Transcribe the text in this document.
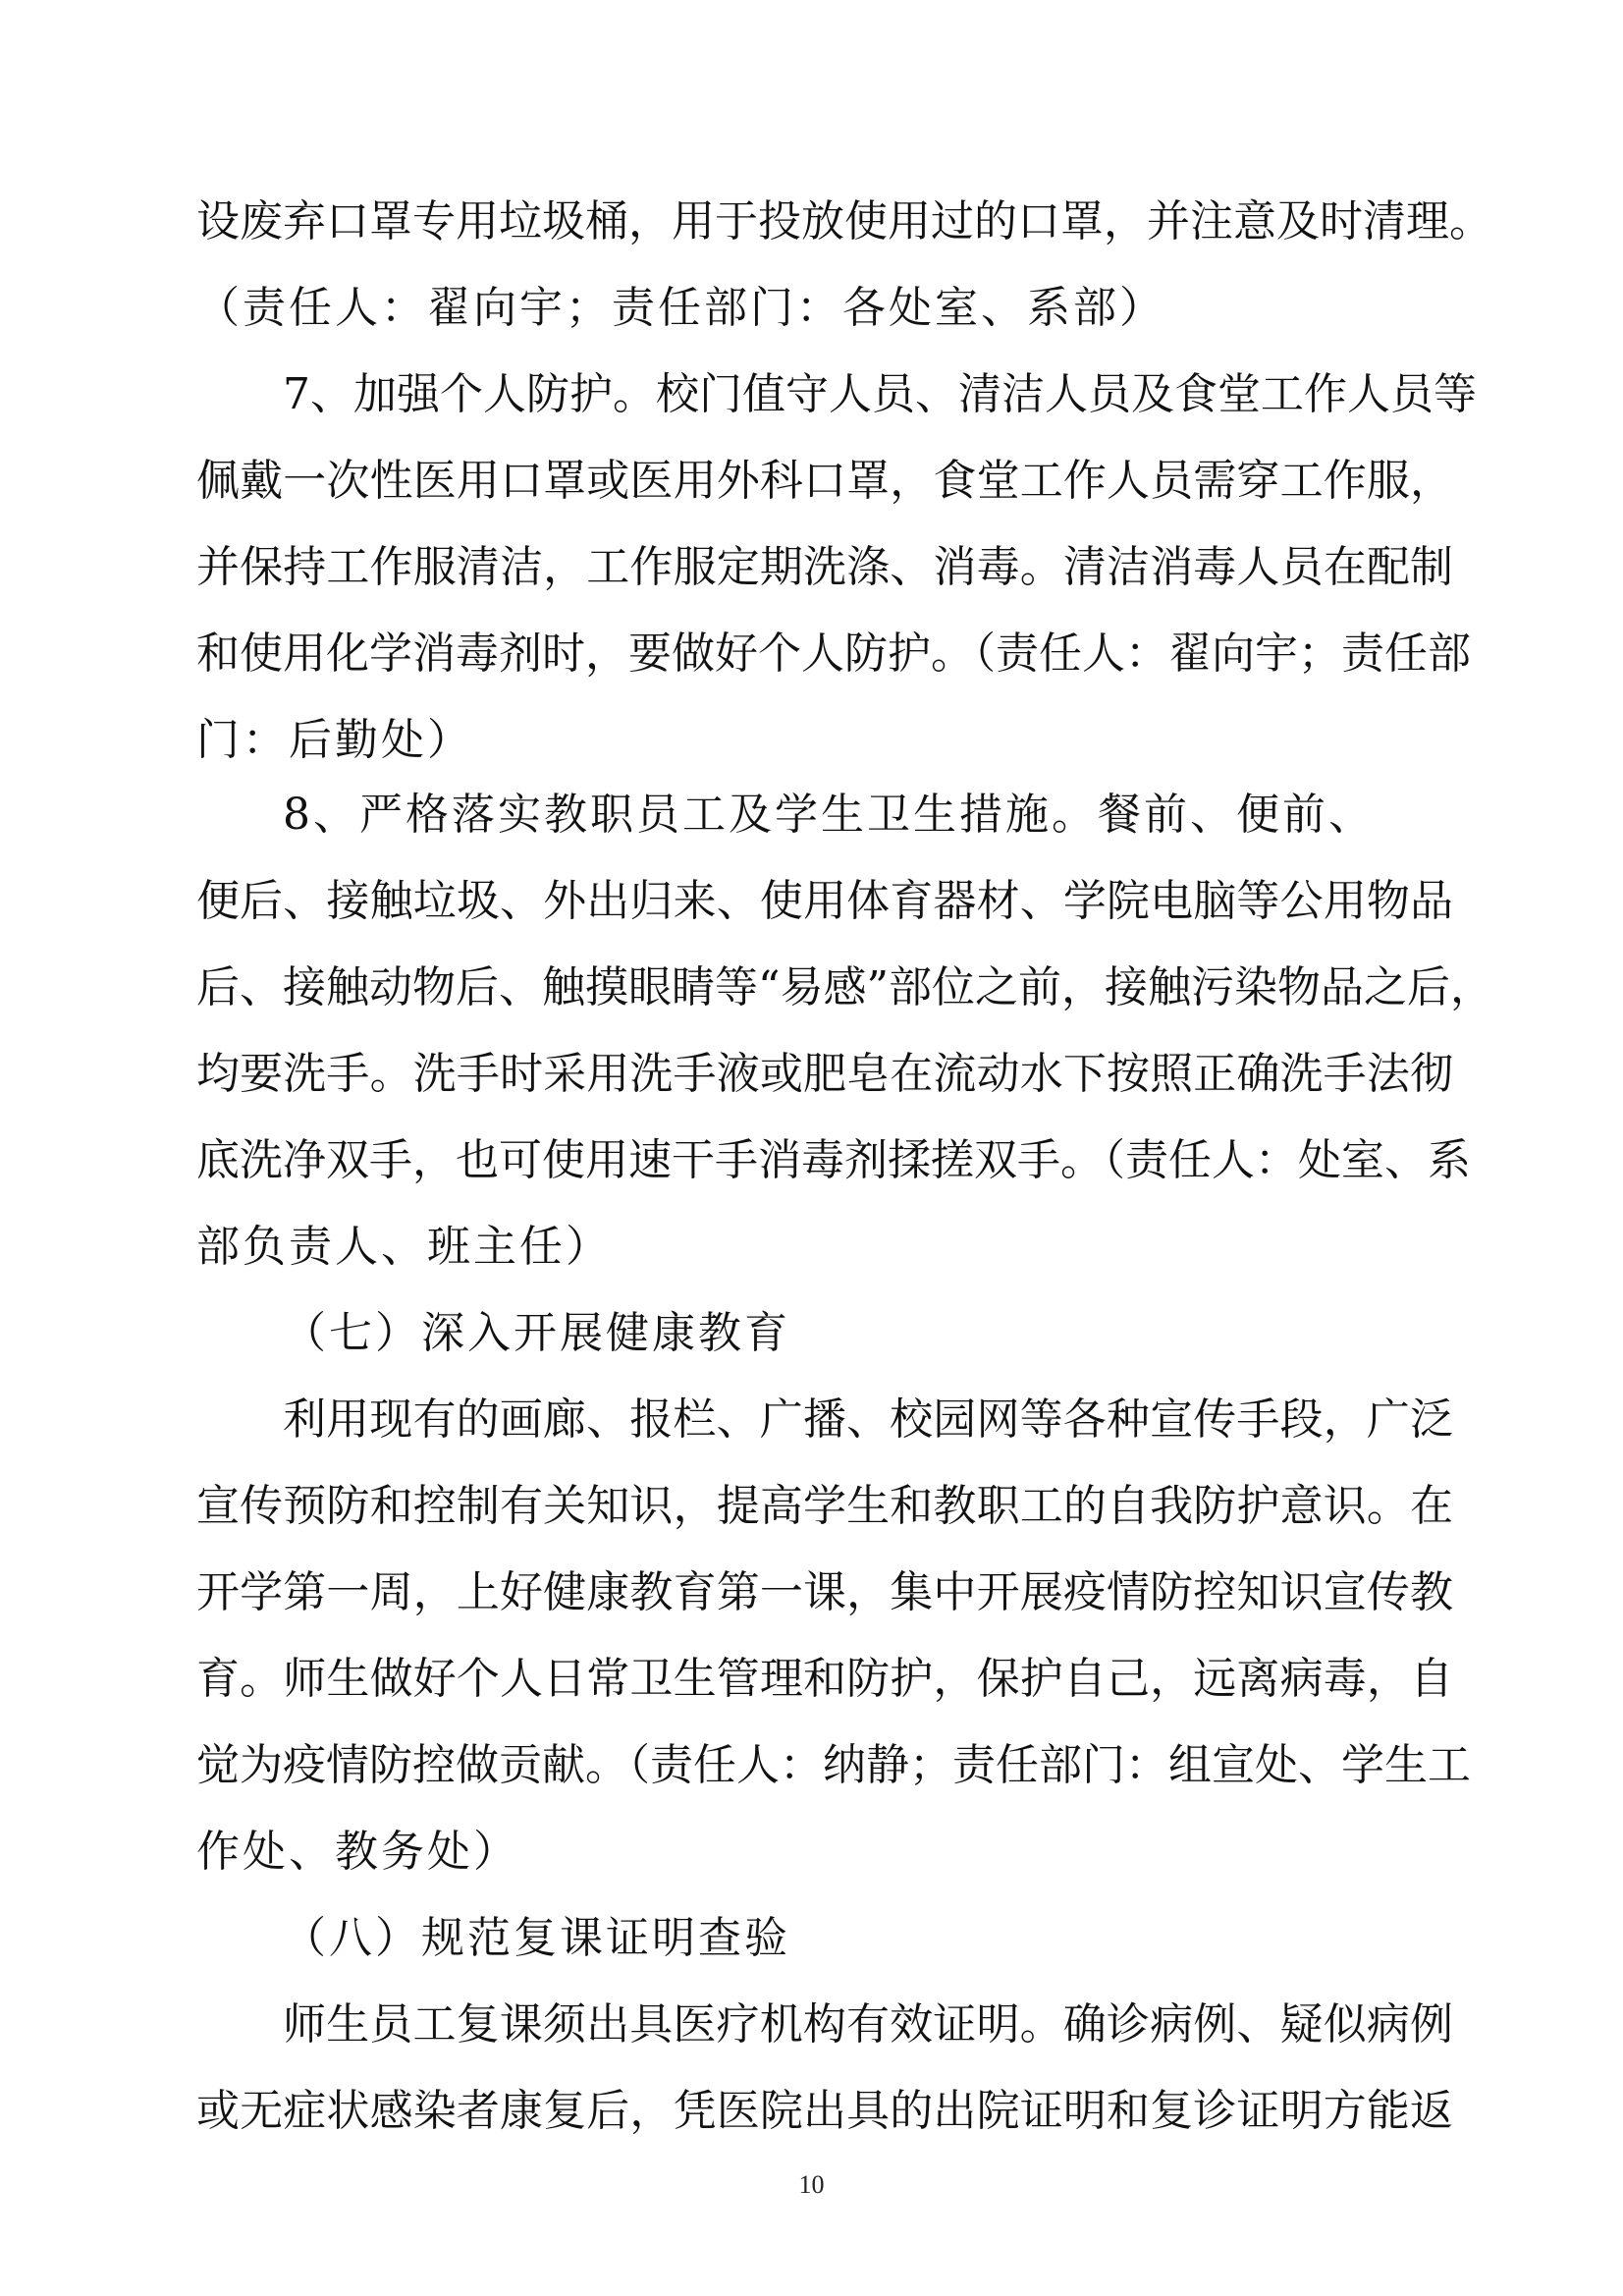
设废弃口罩专用垃圾桶，用于投放使用过的口罩，并注意及时清理。
（责任人：翟向宇；责任部门：各处室、系部）
7、加强个人防护。校门值守人员、清洁人员及食堂工作人员等
佩戴一次性医用口罩或医用外科口罩，食堂工作人员需穿工作服，
并保持工作服清洁，工作服定期洗涤、消毒。清洁消毒人员在配制
和使用化学消毒剂时，要做好个人防护。（责任人：翟向宇；责任部
门：后勤处）
8、严格落实教职员工及学生卫生措施。餐前、便前、
便后、接触垃圾、外出归来、使用体育器材、学院电脑等公用物品
后、接触动物后、触摸眼睛等“易感”部位之前，接触污染物品之后，
均要洗手。洗手时采用洗手液或肥皂在流动水下按照正确洗手法彻
底洗净双手，也可使用速干手消毒剂揉搓双手。（责任人：处室、系
部负责人、班主任）
（七）深入开展健康教育
利用现有的画廊、报栏、广播、校园网等各种宣传手段，广泛
宣传预防和控制有关知识，提高学生和教职工的自我防护意识。在
开学第一周，上好健康教育第一课，集中开展疫情防控知识宣传教
育。师生做好个人日常卫生管理和防护，保护自己，远离病毒，自
觉为疫情防控做贡献。（责任人：纳静；责任部门：组宣处、学生工
作处、教务处）
（八）规范复课证明查验
师生员工复课须出具医疗机构有效证明。确诊病例、疑似病例
或无症状感染者康复后，凭医院出具的出院证明和复诊证明方能返
10
